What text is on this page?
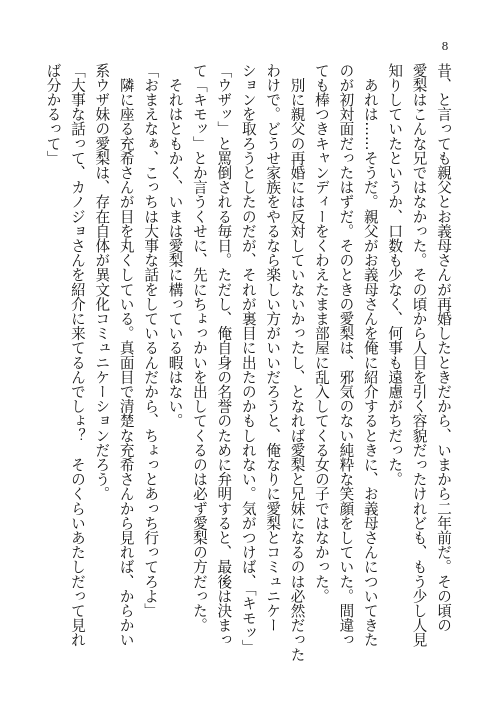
8
昔、と言っても親父とお義母さんが再婚したときだから、いまから二年前だ。その頃の
愛梨はこんな兄ではなかった。その頃から人目を引く容貌だったけれども、もう少し人見
知りしていたというか、口数も少なく、何事も遠慮がちだった。
　あれは……そうだ。親父がお義母さんを俺に紹介するときに、お義母さんについてきた
のが初対面だったはずだ。そのときの愛梨は、邪気のない純粋な笑顔をしていた。間違っ
ても棒つきキャンディーをくわえたまま部屋に乱入してくる女の子ではなかった。
　別に親父の再婚には反対していないかったし、となれば愛梨と兄妹になるのは必然だった
わけで。どうせ家族をやるなら楽しい方がいいだろうと、俺なりに愛梨とコミュニケー
ションを取ろうとしたのだが、それが裏目に出たのかもしれない。気がつけば、「キモッ」
「ウザッ」と罵倒される毎日。ただし、俺自身の名誉のために弁明すると、最後は決まっ
て「キモッ」とか言うくせに、先にちょっかいを出してくるのは必ず愛梨の方だった。
　それはともかく、いまは愛梨に構っている暇はない。
「おまえなぁ、こっちは大事な話をしているんだから、ちょっとあっち行ってろよ」
　隣に座る充希さんが目を丸くしている。真面目で清楚な充希さんから見れば、からかい
系ウザ妹の愛梨は、存在自体が異文化コミュニケーションだろう。
「大事な話って、カノジョさんを紹介に来てるんでしょ？　そのくらいあたしだって見れ
ば分かるって」
